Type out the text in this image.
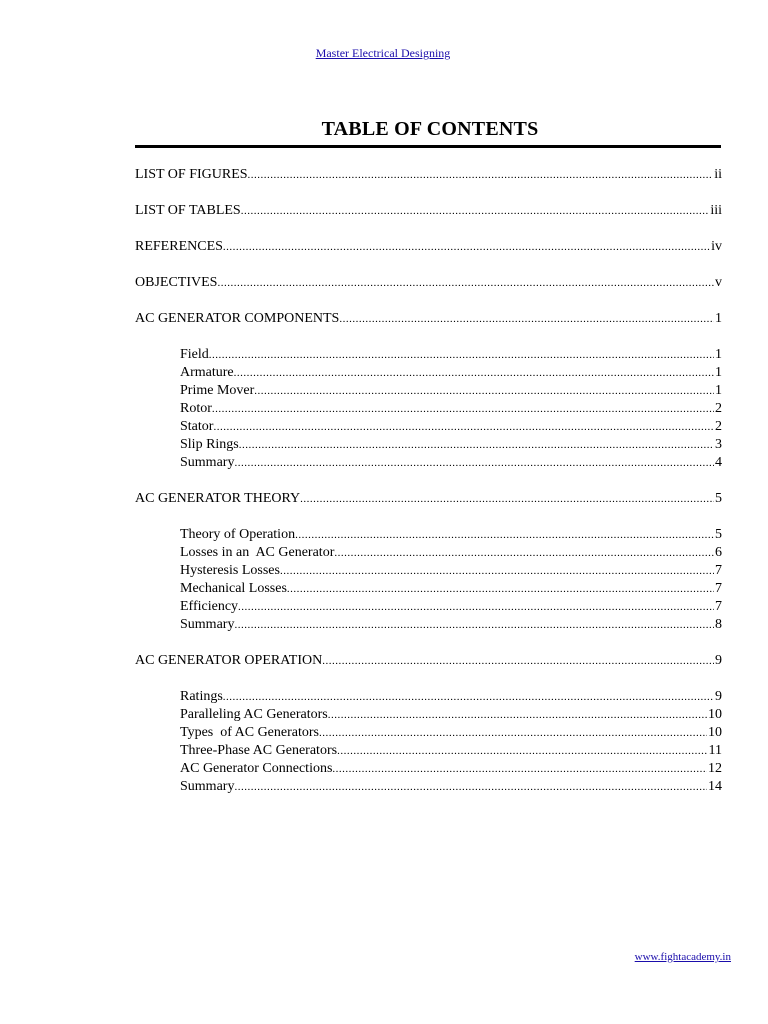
Master Electrical Designing
TABLE OF CONTENTS
LIST OF FIGURES .....	ii
LIST OF TABLES .....	iii
REFERENCES .....	iv
OBJECTIVES .....	v
AC GENERATOR COMPONENTS .....	1
Field .....	1
Armature .....	1
Prime Mover .....	1
Rotor .....	2
Stator .....	2
Slip Rings .....	3
Summary .....	4
AC GENERATOR THEORY .....	5
Theory of Operation .....	5
Losses in an  AC Generator .....	6
Hysteresis Losses .....	7
Mechanical Losses .....	7
Efficiency .....	7
Summary .....	8
AC GENERATOR OPERATION .....	9
Ratings .....	9
Paralleling AC Generators .....	10
Types  of AC Generators .....	10
Three-Phase AC Generators .....	11
AC Generator Connections .....	12
Summary .....	14
www.fightacademy.in
